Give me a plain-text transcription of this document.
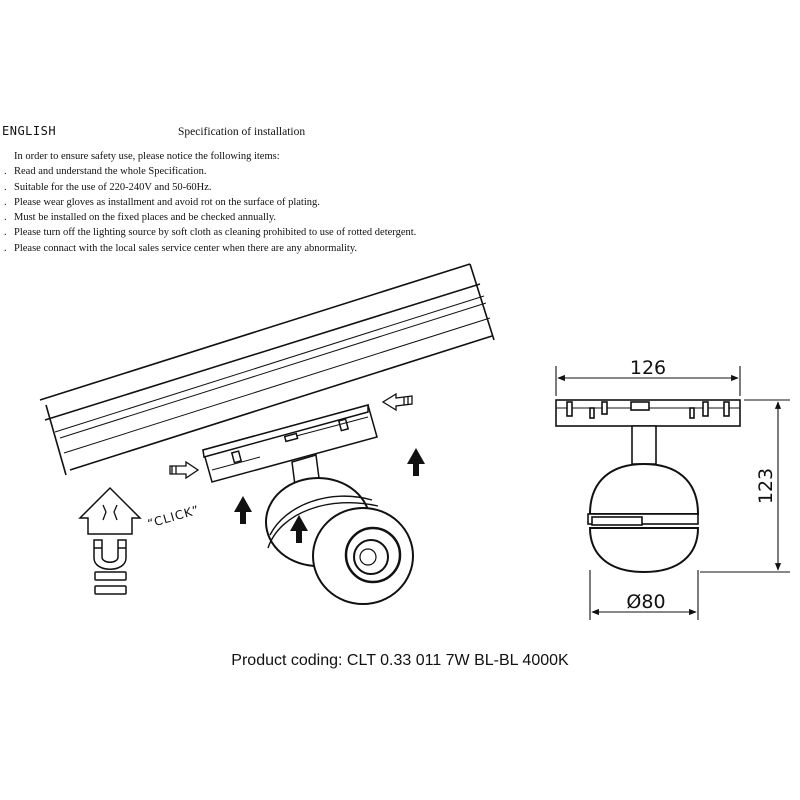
ENGLISH	Specification of installation
In order to ensure safety use, please notice the following items:
. Read and understand the whole Specification.
. Suitable for the use of 220-240V and 50-60Hz.
. Please wear gloves as installment and avoid rot on the surface of plating.
. Must be installed on the fixed places and be checked annually.
. Please turn off the lighting source by soft cloth as cleaning prohibited to use of rotted detergent.
. Please connact with the local sales service center when there are any abnormality.
“CLICK”
126
123
Ø80
Product coding: CLT 0.33 011 7W BL-BL 4000K
